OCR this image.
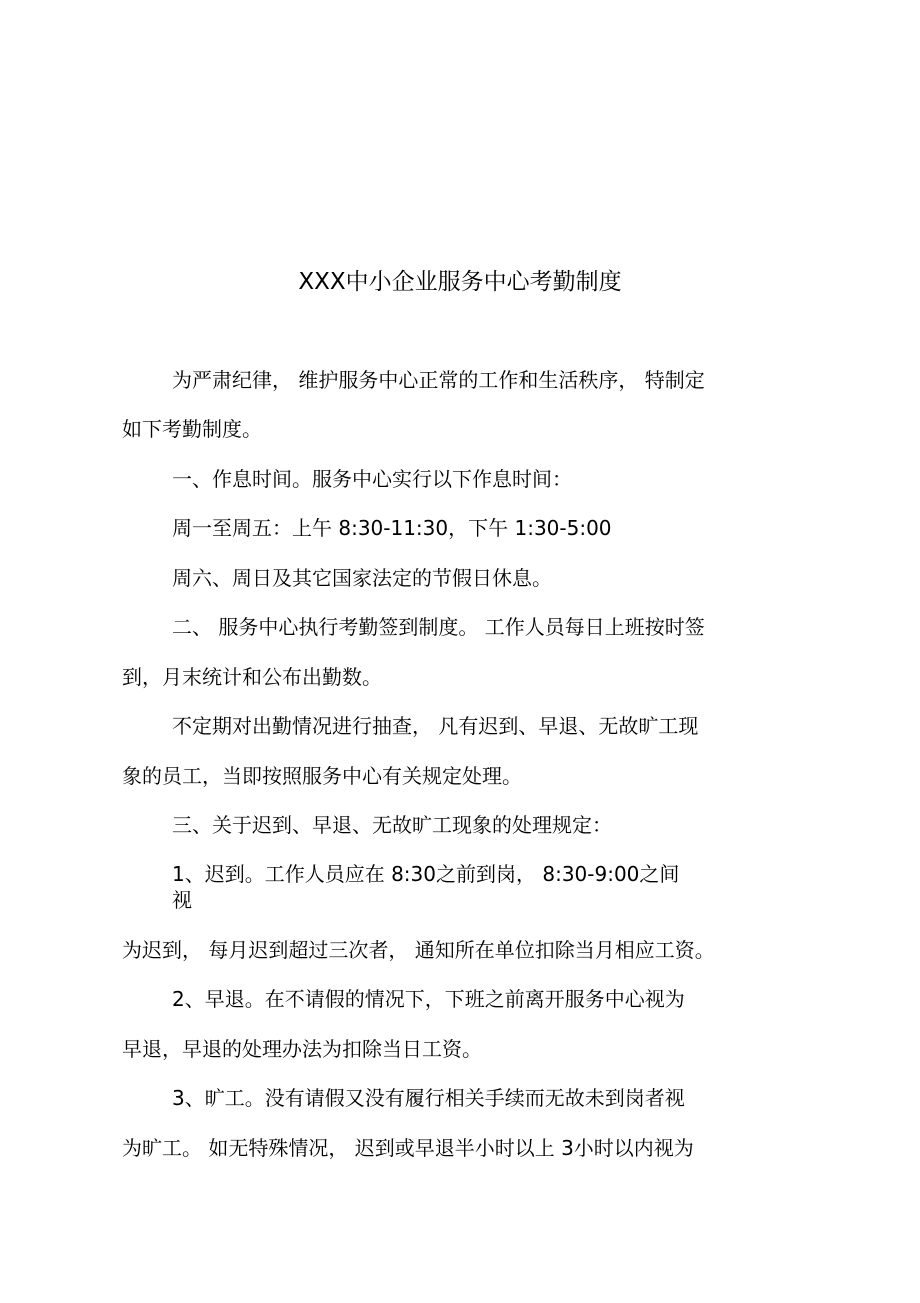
XXX中小企业服务中心考勤制度
为严肃纪律， 维护服务中心正常的工作和生活秩序， 特制定
如下考勤制度。
一、作息时间。服务中心实行以下作息时间：
周一至周五：上午 8:30-11:30，下午 1:30-5:00
周六、周日及其它国家法定的节假日休息。
二、 服务中心执行考勤签到制度。 工作人员每日上班按时签
到，月末统计和公布出勤数。
不定期对出勤情况进行抽查， 凡有迟到、早退、无故旷工现
象的员工，当即按照服务中心有关规定处理。
三、关于迟到、早退、无故旷工现象的处理规定：
1、迟到。工作人员应在 8:30之前到岗， 8:30-9:00之间
视
为迟到， 每月迟到超过三次者， 通知所在单位扣除当月相应工资。
2、早退。在不请假的情况下，下班之前离开服务中心视为
早退，早退的处理办法为扣除当日工资。
3、旷工。没有请假又没有履行相关手续而无故未到岗者视
为旷工。 如无特殊情况， 迟到或早退半小时以上 3小时以内视为
